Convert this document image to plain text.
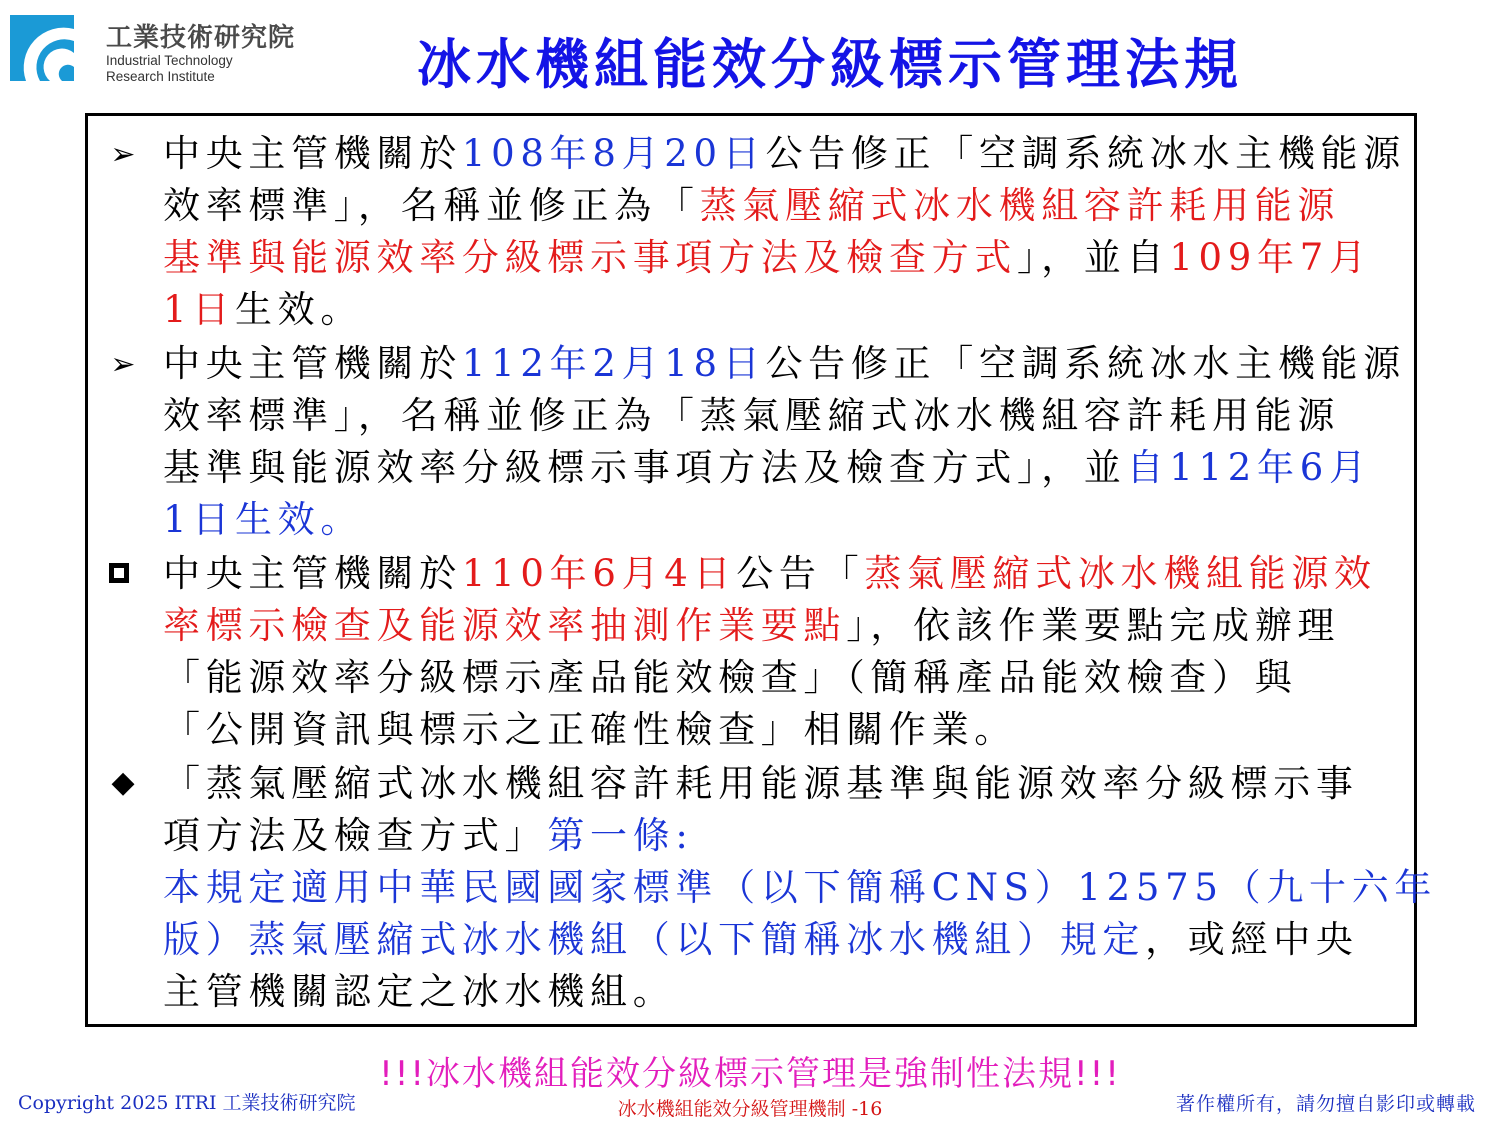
工業技術研究院
Industrial Technology
Research Institute	冰水機組能效分級標示管理法規
➢ 中央主管機關於108年8月20日公告修正「空調系統冰水主機能源
效率標準」，名稱並修正為「蒸氣壓縮式冰水機組容許耗用能源
基準與能源效率分級標示事項方法及檢查方式」，並自109年7月
1日生效。
➢ 中央主管機關於112年2月18日公告修正「空調系統冰水主機能源
效率標準」，名稱並修正為「蒸氣壓縮式冰水機組容許耗用能源
基準與能源效率分級標示事項方法及檢查方式」，並自112年6月
1日生效。
中央主管機關於110年6月4日公告「蒸氣壓縮式冰水機組能源效
率標示檢查及能源效率抽測作業要點」，依該作業要點完成辦理
「能源效率分級標示產品能效檢查」（簡稱產品能效檢查）與
「公開資訊與標示之正確性檢查」相關作業。
◆ 「蒸氣壓縮式冰水機組容許耗用能源基準與能源效率分級標示事
項方法及檢查方式」第一條:
本規定適用中華民國國家標準（以下簡稱CNS）12575（九十六年
版）蒸氣壓縮式冰水機組（以下簡稱冰水機組）規定，或經中央
主管機關認定之冰水機組。
!!!冰水機組能效分級標示管理是強制性法規!!!
Copyright 2025 ITRI 工業技術研究院	冰水機組能效分級管理機制 -16	著作權所有，請勿擅自影印或轉載
